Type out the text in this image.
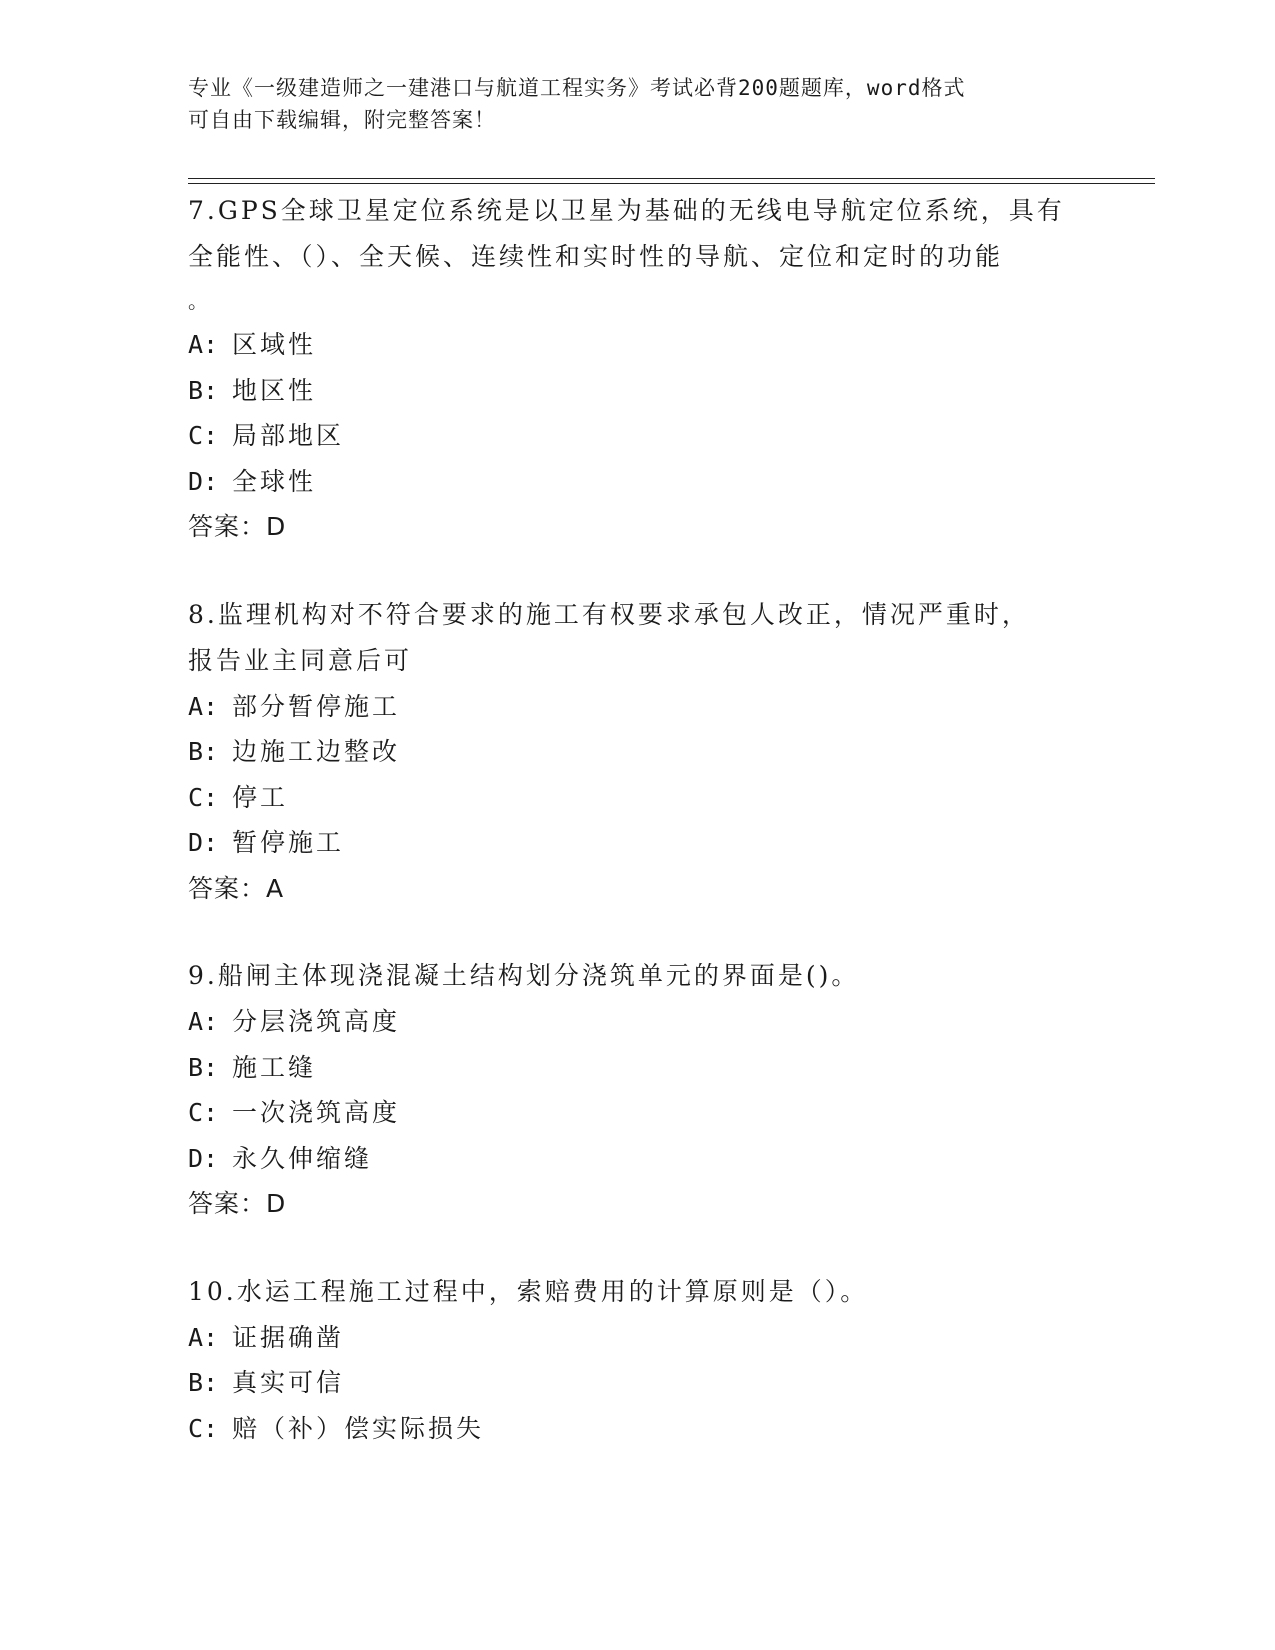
专业《一级建造师之一建港口与航道工程实务》考试必背200题题库，word格式

可自由下载编辑，附完整答案！

7.GPS全球卫星定位系统是以卫星为基础的无线电导航定位系统，具有

全能性、（）、全天候、连续性和实时性的导航、定位和定时的功能

。

A: 区域性

B: 地区性

C: 局部地区

D: 全球性

答案：D

8.监理机构对不符合要求的施工有权要求承包人改正，情况严重时，

报告业主同意后可

A: 部分暂停施工

B: 边施工边整改

C: 停工

D: 暂停施工

答案：A

9.船闸主体现浇混凝土结构划分浇筑单元的界面是()。

A: 分层浇筑高度

B: 施工缝

C: 一次浇筑高度

D: 永久伸缩缝

答案：D

10.水运工程施工过程中，索赔费用的计算原则是（）。

A: 证据确凿

B: 真实可信

C: 赔（补）偿实际损失
